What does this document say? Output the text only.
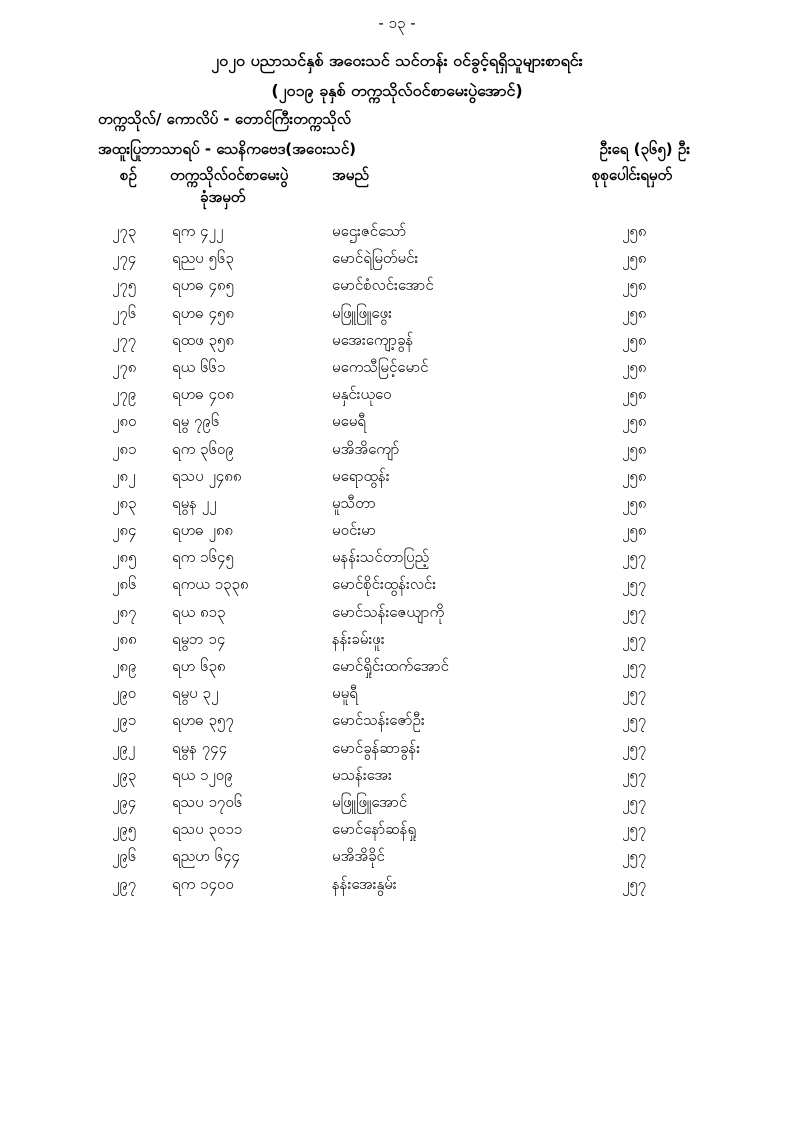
- ၁၃ -
၂၀၂၀ ပညာသင်နှစ် အဝေးသင် သင်တန်း ဝင်ခွင့်ရရှိသူများစာရင်း
(၂၀၁၉ ခုနှစ် တက္ကသိုလ်ဝင်စာမေးပွဲအောင်)
တက္ကသိုလ်/ ကောလိပ် - တောင်ကြီးတက္ကသိုလ်
အထူးပြုဘာသာရပ် - သေနိကဗေဒ(အဝေးသင်)	ဦးရေ (၃၆၅) ဦး
စဉ် တက္ကသိုလ်ဝင်စာမေးပွဲ
ခုံအမှတ်
အမည်	စုစုပေါင်းရမှတ်
၂၇၃ ရက ၄၂၂	မဌေးဇင်သော်	၂၅၈
၂၇၄ ရညပ ၅၆၃	မောင်ရဲမြတ်မင်း	၂၅၈
၂၇၅ ရဟဓ ၄၈၅	မောင်စံလင်းအောင်	၂၅၈
၂၇၆ ရဟဓ ၄၅၈	မဖြူဖြူဖွေး	၂၅၈
၂၇၇ ရထဖ ၃၅၈	မအေးကျော့ခွန်	၂၅၈
၂၇၈ ရယ ၆၆၁	မကေသီမြင့်မောင်	၂၅၈
၂၇၉ ရဟဓ ၄၀၈	မနှင်းယုဝေ	၂၅၈
၂၈၀ ရမွ ၇၉၆	မမေရီ	၂၅၈
၂၈၁ ရက ၃၆၀၉	မအိအိကျော်	၂၅၈
၂၈၂ ရသပ ၂၄၈၈	မရောထွန်း	၂၅၈
၂၈၃ ရမွန ၂၂	မူသီတာ	၂၅၈
၂၈၄ ရဟဓ ၂၈၈	မဝင်းမာ	၂၅၈
၂၈၅ ရက ၁၆၄၅	မနန်းသင်တာပြည့်	၂၅၇
၂၈၆ ရကယ ၁၃၃၈	မောင်စိုင်းထွန်းလင်း	၂၅၇
၂၈၇ ရယ ၈၁၃	မောင်သန်းဇေယျာကို	၂၅၇
၂၈၈ ရမွဘ ၁၄	နန်းခမ်းဖူး	၂၅၇
၂၈၉ ရဟ ၆၃၈	မောင်ရှိုင်းထက်အောင်	၂၅၇
၂၉၀ ရမွပ ၃၂	မမူရီ	၂၅၇
၂၉၁ ရဟဓ ၃၅၇	မောင်သန်းဇော်ဦး	၂၅၇
၂၉၂ ရမွန ၇၄၄	မောင်ခွန်ဆာခွန်း	၂၅၇
၂၉၃ ရယ ၁၂၀၉	မသန်းအေး	၂၅၇
၂၉၄ ရသပ ၁၇၀၆	မဖြူဖြူအောင်	၂၅၇
၂၉၅ ရသပ ၃၀၁၁	မောင်နော်ဆန်ရှု	၂၅၇
၂၉၆ ရညဟ ၆၄၄	မအိအိခိုင်	၂၅၇
၂၉၇ ရက ၁၄၀၀	နန်းအေးနွမ်း	၂၅၇
